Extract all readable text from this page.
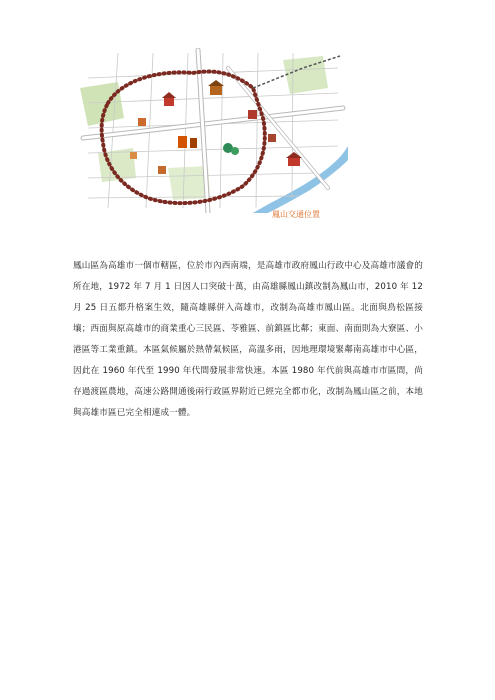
鳳山交通位置

鳳山區為高雄市一個市轄區，位於市內西南端，是高雄市政府鳳山行政中心及高雄市議會的所在地，1972 年 7 月 1 日因人口突破十萬，由高雄縣鳳山鎮改制為鳳山市，2010 年 12 月 25 日五都升格案生效，隨高雄縣併入高雄市，改制為高雄市鳳山區。北面與鳥松區接壤；西面與原高雄市的商業重心三民區、苓雅區、前鎮區比鄰；東面、南面則為大寮區、小港區等工業重鎮。本區氣候屬於熱帶氣候區，高溫多雨，因地理環境緊鄰南高雄市中心區，因此在 1960 年代至 1990 年代間發展非常快速。本區 1980 年代前與高雄市市區間，尚存過渡區農地，高速公路開通後兩行政區界附近已經完全都市化，改制為鳳山區之前，本地與高雄市區已完全相連成一體。
